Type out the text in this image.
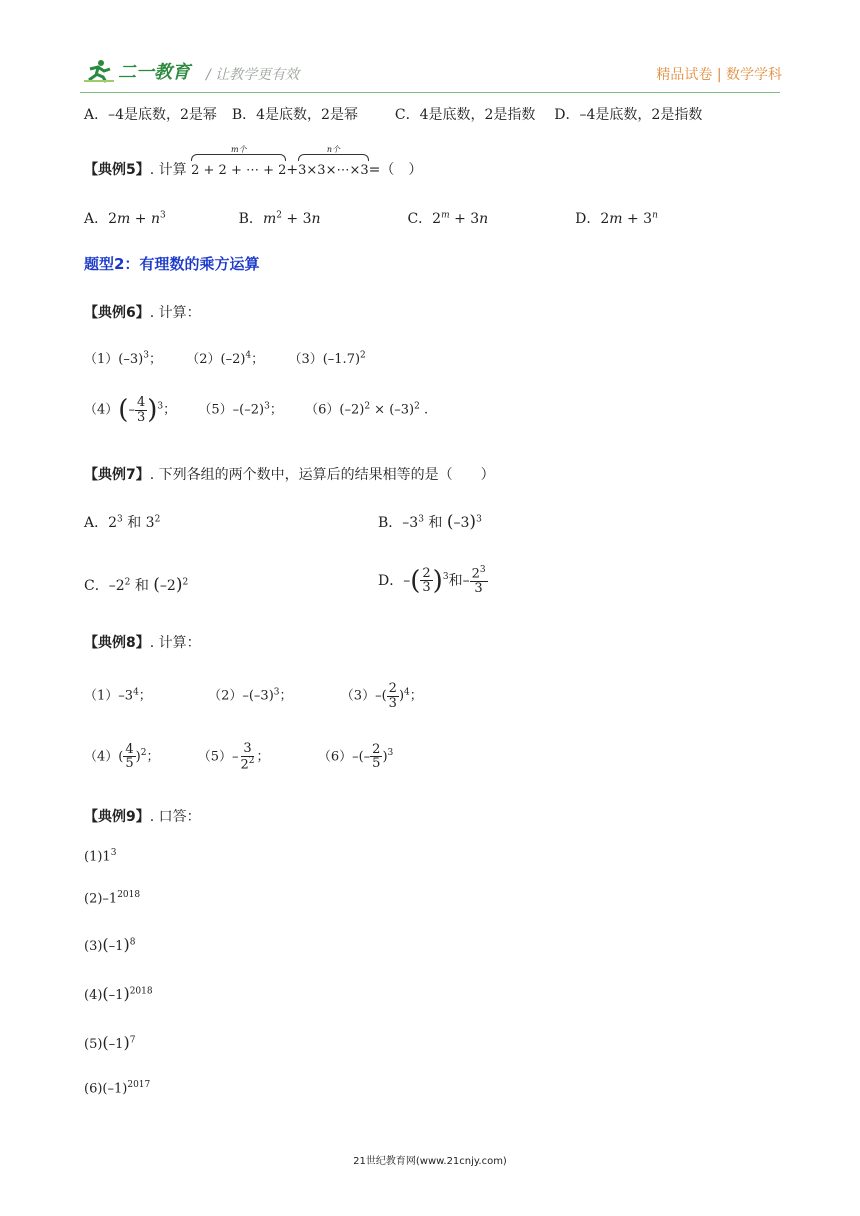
二一教育 / 让教学更有效	精品试卷 | 数学学科
A．–4是底数，2是幂 B．4是底数，2是幂	C．4是底数，2是指数 D．–4是底数，2是指数
【典例5】. 计算
m个
2 + 2 + ⋯ + 2+
n个
3×3×⋯×3=（　）
A．$2m + n^3$	B．$m^2 + 3n$	C．$2^m + 3n$	D．$2m + 3^n$
题型2：有理数的乘方运算
【典例6】. 计算：
$(1)(-3)^3$；  $(2)(-2)^4$；  $(3)(-1.7)^2$
$(4)(- \frac{4}{3} )^3$；  $(5)-(-2)^3$；  $(6)(-2)^2 \times (-3)^2$ .
【典例7】. 下列各组的两个数中，运算后的结果相等的是（　　）
A．$2^3$ 和 $3^2$	B．$-3^3$ 和 $(-3)^3$
C．$-2^2$ 和 $(-2)^2$	D．–( $\frac{2}{3} )^3$和– $\frac{2^3}{3}$
【典例8】. 计算：
$(1)-3^4$；	$(2)-(-3)^3$；	$(3)-( \frac{2}{3} )^4$；
$(4)( \frac{4}{5} )^2$；	$(5)- \frac{3}{2^2}$ ；	$(6)-(- \frac{2}{5} )^3$
【典例9】. 口答：
$(1)1^3$
$(2)-1^{2018}$
$(3)(-1)^8$
$(4)(-1)^{2018}$
$(5)(-1)^7$
$(6)(-1)^{2017}$
21世纪教育网(www.21cnjy.com)
